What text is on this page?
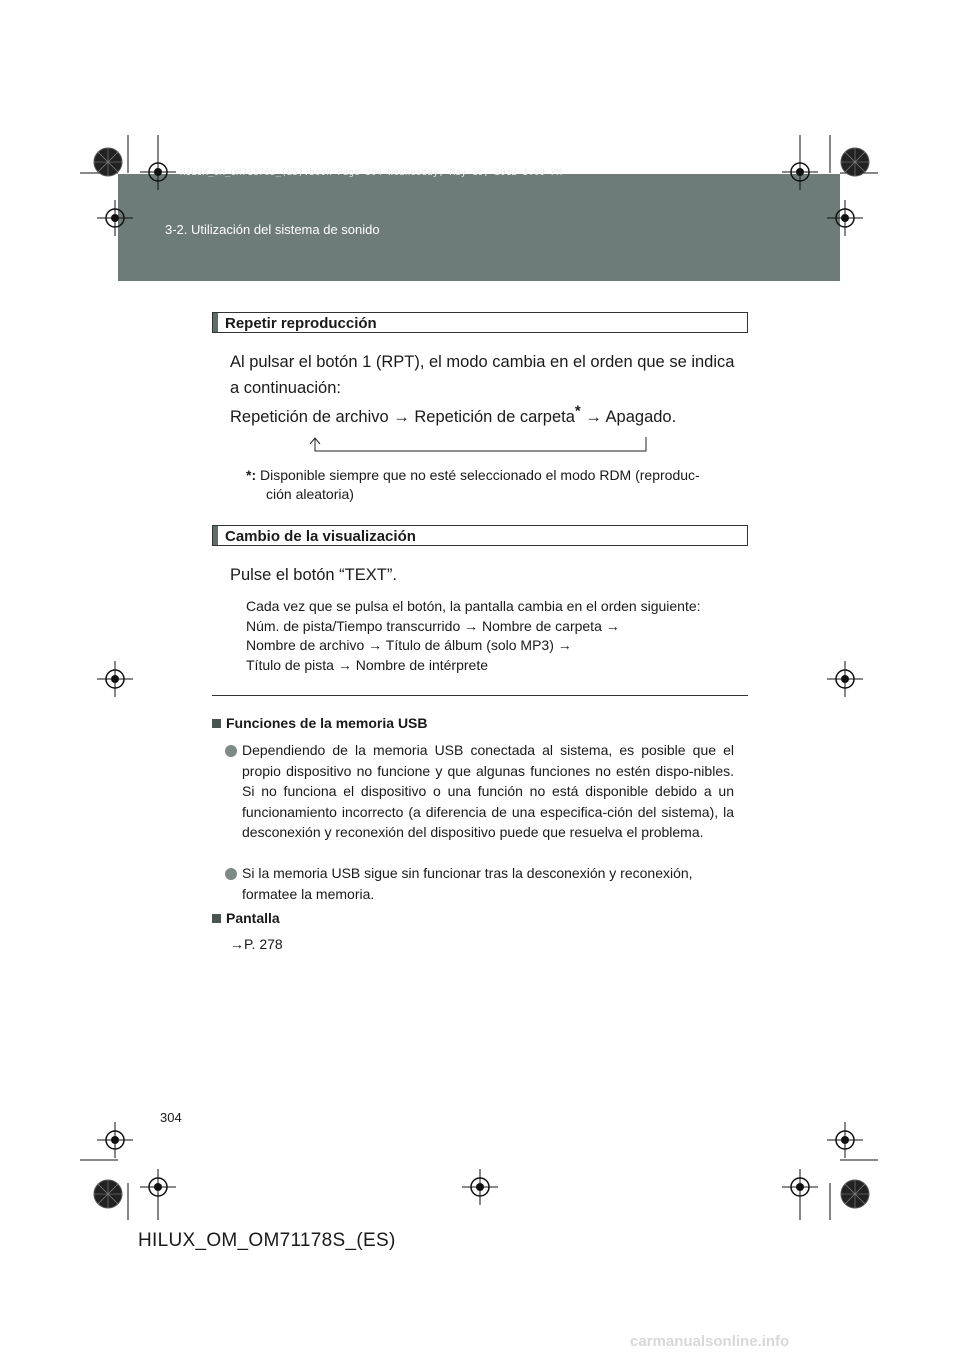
HILUX_OM_OM71178S_(ES).book Page 304 Wednesday, May 16, 2012 3:09 PM
3-2. Utilización del sistema de sonido
Repetir reproducción
Al pulsar el botón 1 (RPT), el modo cambia en el orden que se indica
a continuación:
Repetición de archivo → Repetición de carpeta* → Apagado.
*: Disponible siempre que no esté seleccionado el modo RDM (reproduc-
ción aleatoria)
Cambio de la visualización
Pulse el botón “TEXT”.
Cada vez que se pulsa el botón, la pantalla cambia en el orden siguiente:
Núm. de pista/Tiempo transcurrido → Nombre de carpeta →
Nombre de archivo → Título de álbum (solo MP3) →
Título de pista → Nombre de intérprete
Funciones de la memoria USB
Dependiendo de la memoria USB conectada al sistema, es posible que el propio dispositivo no funcione y que algunas funciones no estén dispo-nibles. Si no funciona el dispositivo o una función no está disponible debido a un funcionamiento incorrecto (a diferencia de una especifica-ción del sistema), la desconexión y reconexión del dispositivo puede que resuelva el problema.
Si la memoria USB sigue sin funcionar tras la desconexión y reconexión, formatee la memoria.
Pantalla
→P. 278
304
HILUX_OM_OM71178S_(ES)
carmanualsonline.info
